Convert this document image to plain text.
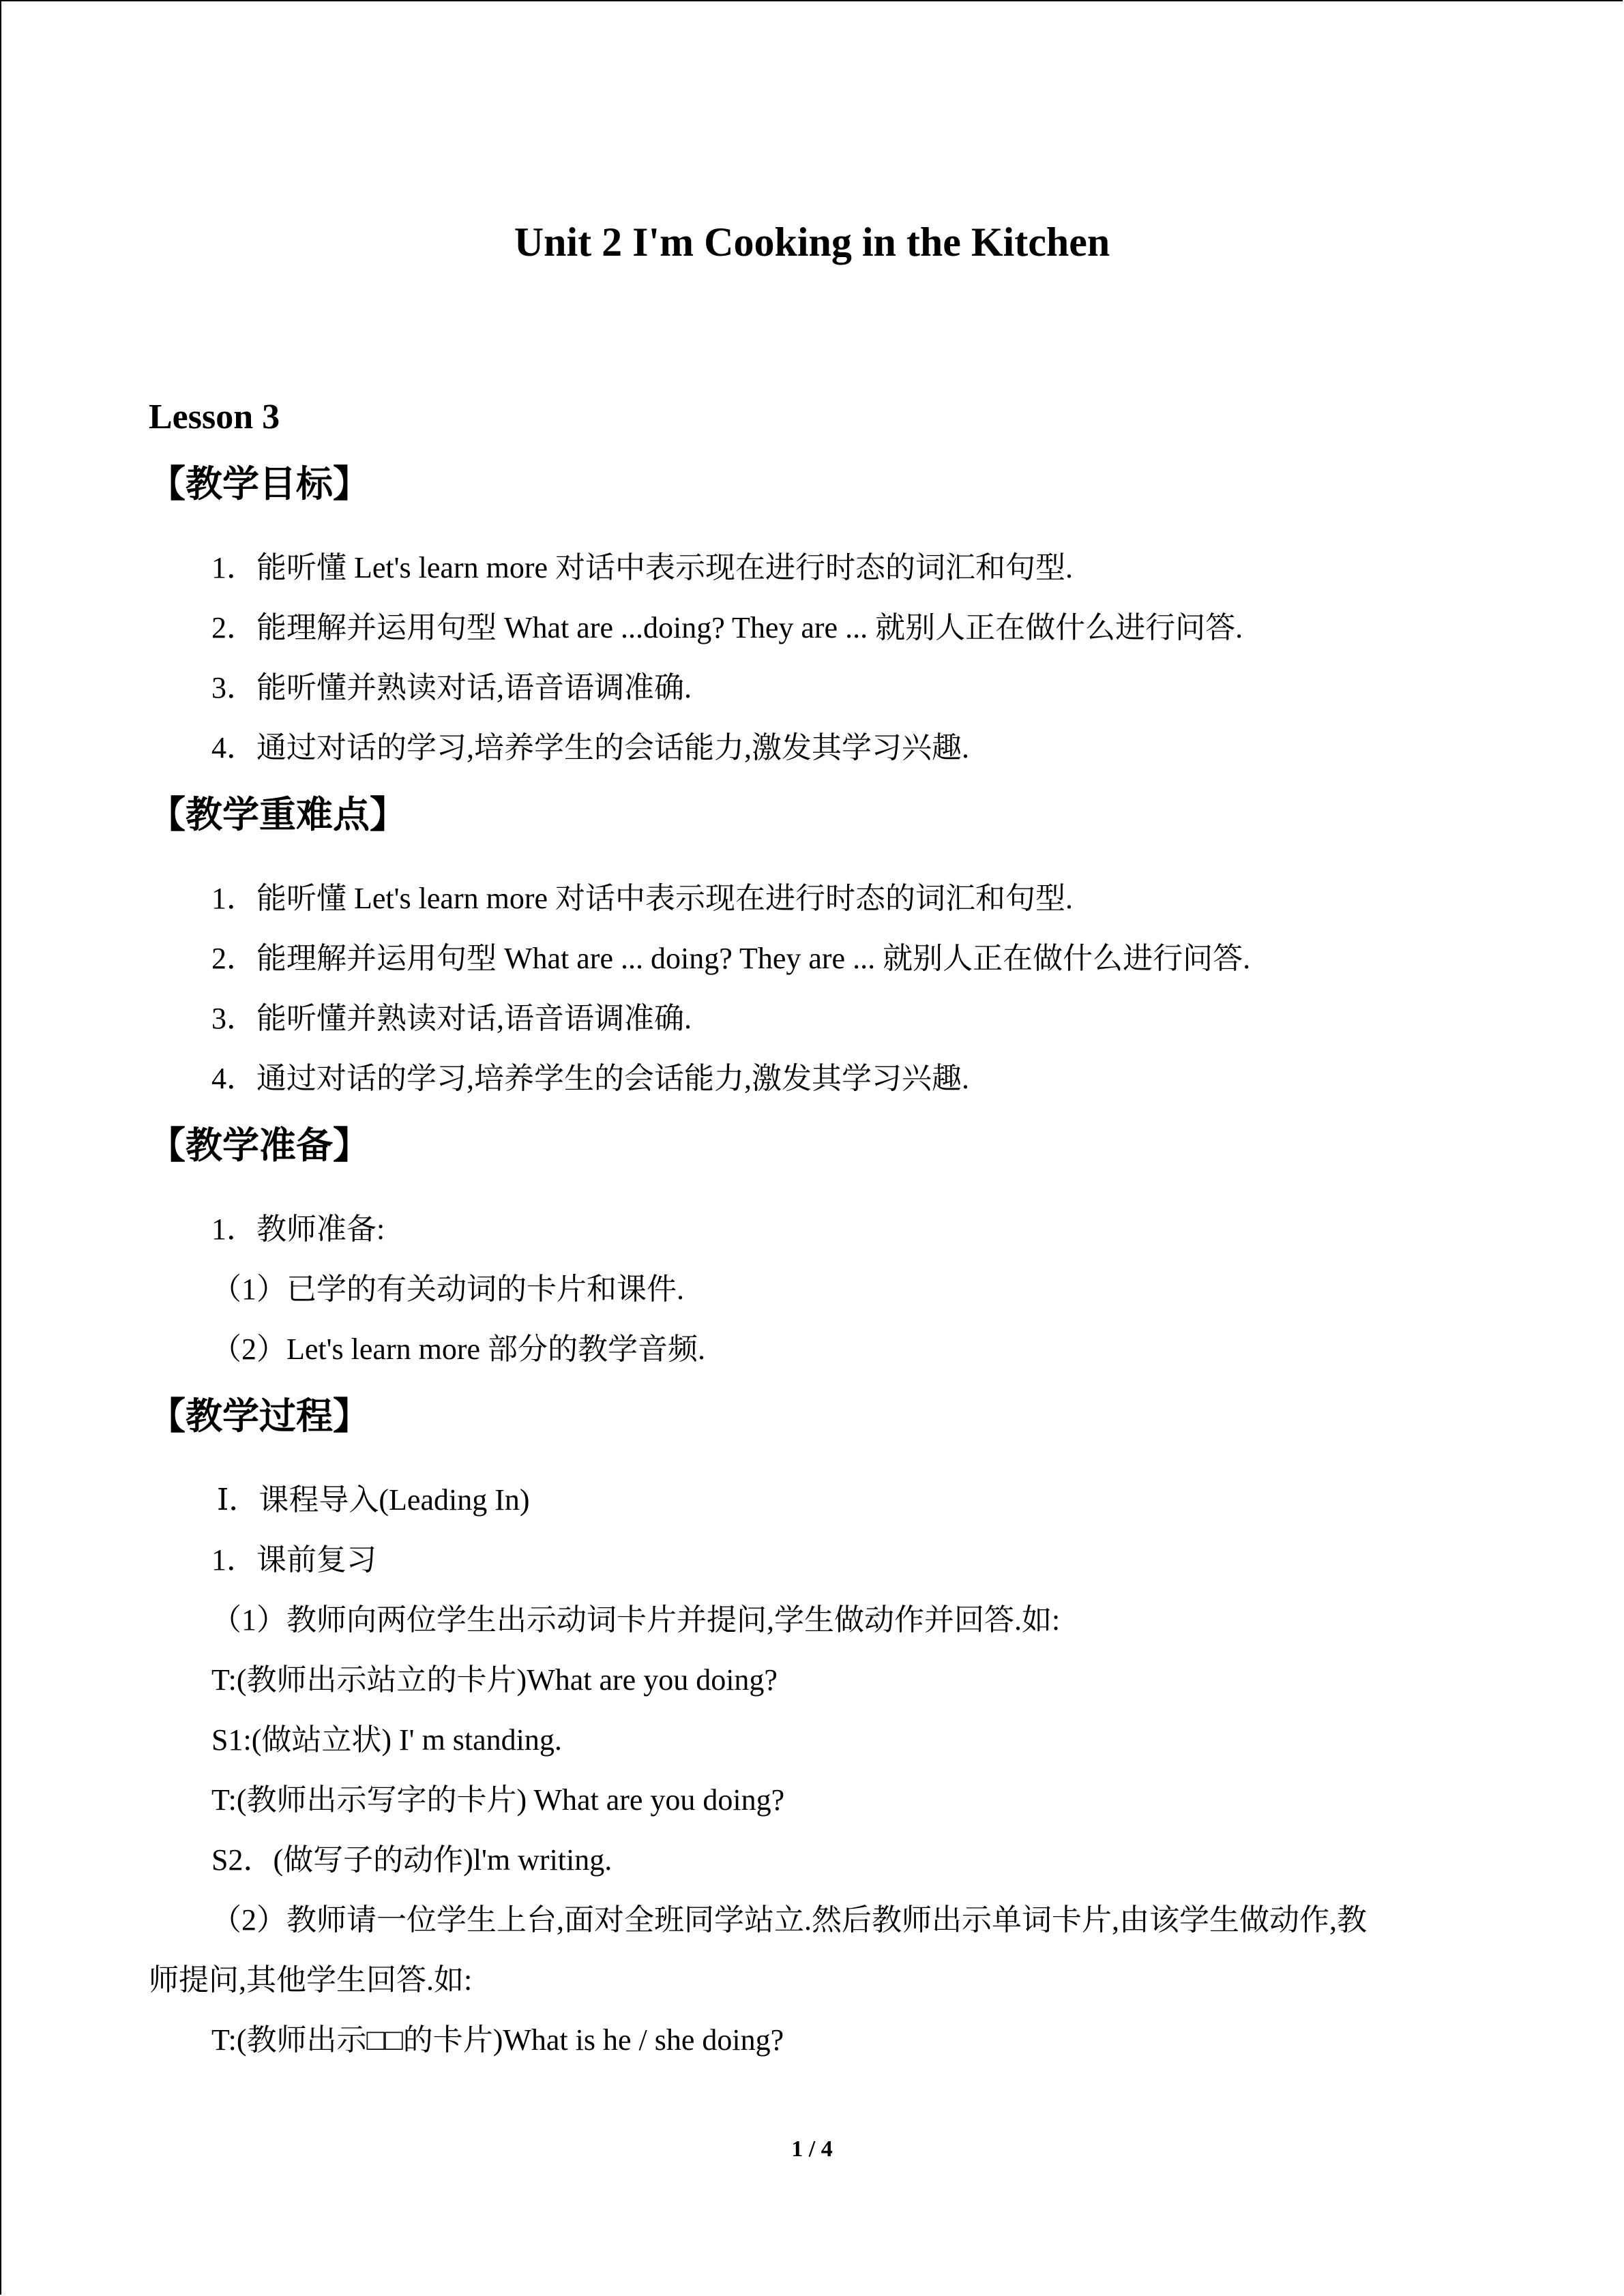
Unit 2 I'm Cooking in the Kitchen
Lesson 3
【教学目标】

1．能听懂 Let's learn more 对话中表示现在进行时态的词汇和句型.

2．能理解并运用句型 What are ...doing? They are ... 就别人正在做什么进行问答.

3．能听懂并熟读对话,语音语调准确.

4．通过对话的学习,培养学生的会话能力,激发其学习兴趣.

【教学重难点】

1．能听懂 Let's learn more 对话中表示现在进行时态的词汇和句型.

2．能理解并运用句型 What are ... doing? They are ... 就别人正在做什么进行问答.

3．能听懂并熟读对话,语音语调准确.

4．通过对话的学习,培养学生的会话能力,激发其学习兴趣.

【教学准备】

1．教师准备:

（1）已学的有关动词的卡片和课件.

（2）Let's learn more 部分的教学音频.

【教学过程】

Ⅰ．课程导入(Leading In)

1．课前复习

（1）教师向两位学生出示动词卡片并提问,学生做动作并回答.如:

T:(教师出示站立的卡片)What are you doing?

S1:(做站立状) I' m standing.

T:(教师出示写字的卡片) What are you doing?

S2．(做写子的动作)l'm writing.

（2）教师请一位学生上台,面对全班同学站立.然后教师出示单词卡片,由该学生做动作,教

师提问,其他学生回答.如:

T:(教师出示□□的卡片)What is he / she doing?

1 / 4
